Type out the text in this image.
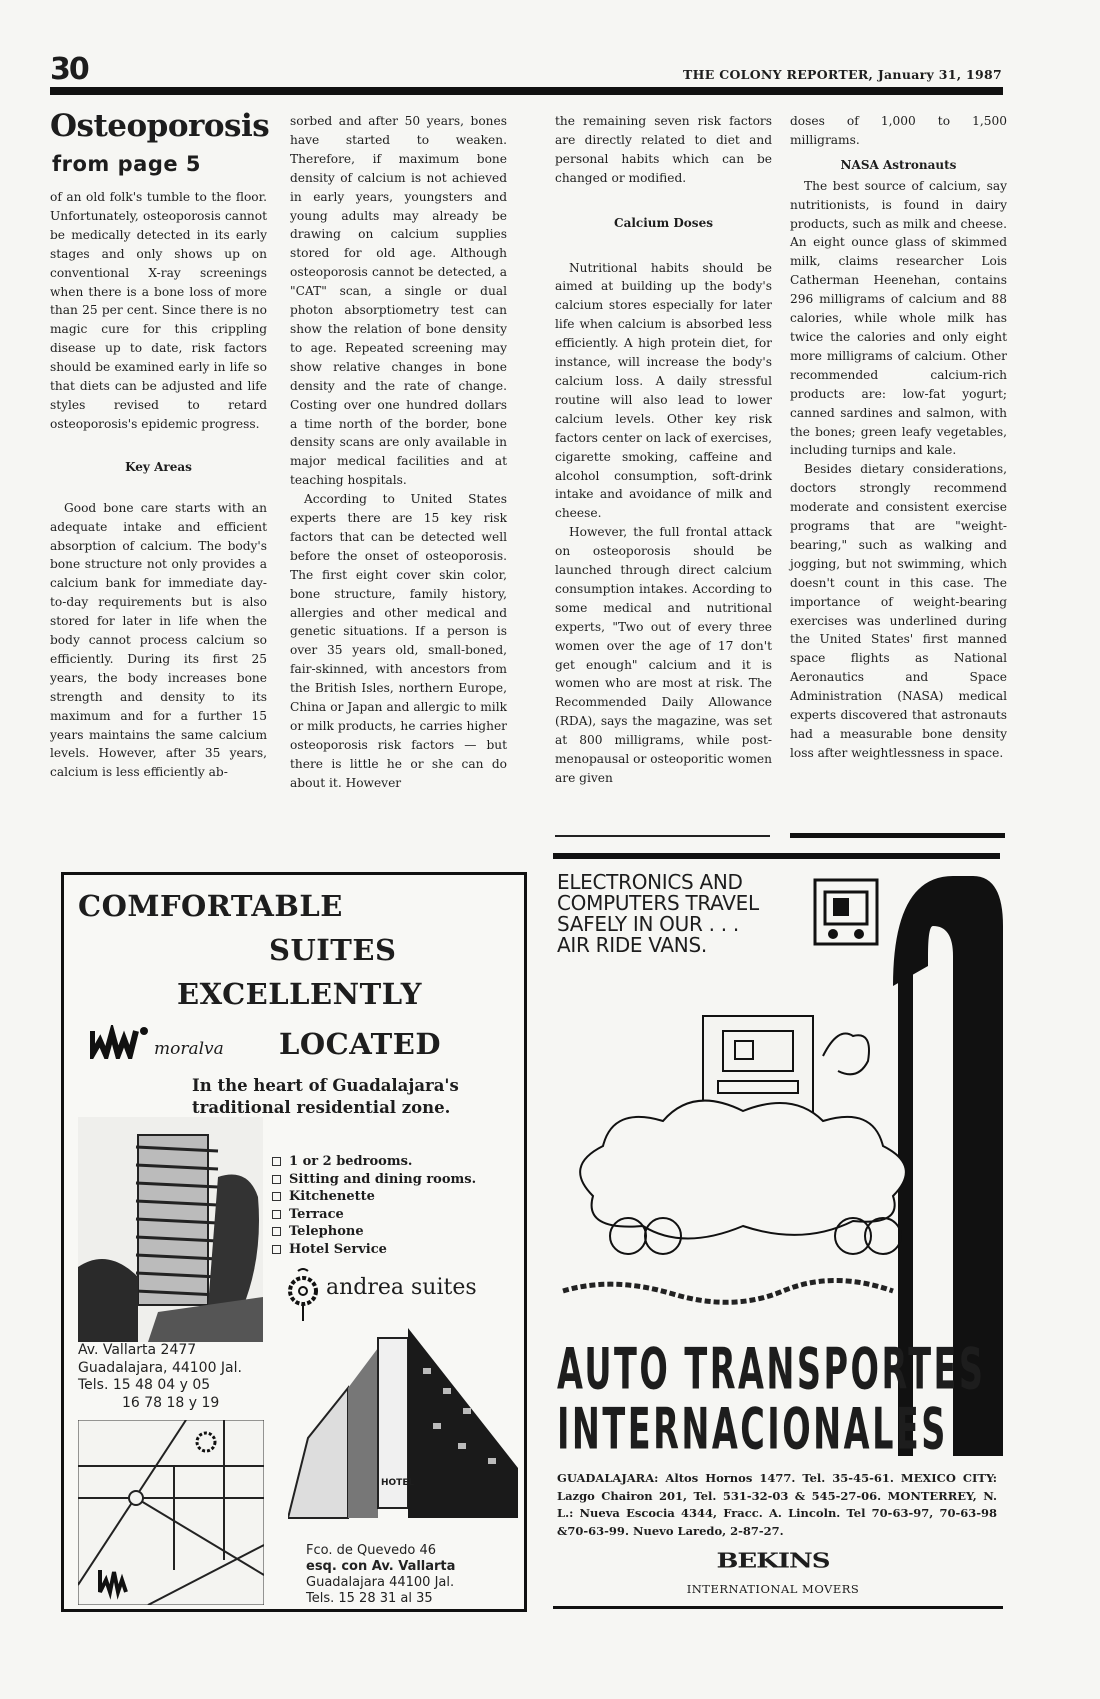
30	THE COLONY REPORTER, January 31, 1987
Osteoporosis
from page 5

of an old folk's tumble to the floor. Unfortunately, osteoporosis cannot be medically detected in its early stages and only shows up on conventional X-ray screenings when there is a bone loss of more than 25 per cent. Since there is no magic cure for this crippling disease up to date, risk factors should be examined early in life so that diets can be adjusted and life styles revised to retard osteoporosis's epidemic progress.

Key Areas

Good bone care starts with an adequate intake and efficient absorption of calcium. The body's bone structure not only provides a calcium bank for immediate day-to-day requirements but is also stored for later in life when the body cannot process calcium so efficiently. During its first 25 years, the body increases bone strength and density to its maximum and for a further 15 years maintains the same calcium levels. However, after 35 years, calcium is less efficiently ab-

sorbed and after 50 years, bones have started to weaken. Therefore, if maximum bone density of calcium is not achieved in early years, youngsters and young adults may already be drawing on calcium supplies stored for old age. Although osteoporosis cannot be detected, a "CAT" scan, a single or dual photon absorptiometry test can show the relation of bone density to age. Repeated screening may show relative changes in bone density and the rate of change. Costing over one hundred dollars a time north of the border, bone density scans are only available in major medical facilities and at teaching hospitals.

According to United States experts there are 15 key risk factors that can be detected well before the onset of osteoporosis. The first eight cover skin color, bone structure, family history, allergies and other medical and genetic situations. If a person is over 35 years old, small-boned, fair-skinned, with ancestors from the British Isles, northern Europe, China or Japan and allergic to milk or milk products, he carries higher osteoporosis risk factors — but there is little he or she can do about it. However

the remaining seven risk factors are directly related to diet and personal habits which can be changed or modified.

Calcium Doses

Nutritional habits should be aimed at building up the body's calcium stores especially for later life when calcium is absorbed less efficiently. A high protein diet, for instance, will increase the body's calcium loss. A daily stressful routine will also lead to lower calcium levels. Other key risk factors center on lack of exercises, cigarette smoking, caffeine and alcohol consumption, soft-drink intake and avoidance of milk and cheese.

However, the full frontal attack on osteoporosis should be launched through direct calcium consumption intakes. According to some medical and nutritional experts, "Two out of every three women over the age of 17 don't get enough" calcium and it is women who are most at risk. The Recommended Daily Allowance (RDA), says the magazine, was set at 800 milligrams, while post-menopausal or osteoporitic women are given

doses of 1,000 to 1,500 milligrams.

NASA Astronauts

The best source of calcium, say nutritionists, is found in dairy products, such as milk and cheese. An eight ounce glass of skimmed milk, claims researcher Lois Catherman Heenehan, contains 296 milligrams of calcium and 88 calories, while whole milk has twice the calories and only eight more milligrams of calcium. Other recommended calcium-rich products are: low-fat yogurt; canned sardines and salmon, with the bones; green leafy vegetables, including turnips and kale.

Besides dietary considerations, doctors strongly recommend moderate and consistent exercise programs that are "weight-bearing," such as walking and jogging, but not swimming, which doesn't count in this case. The importance of weight-bearing exercises was underlined during the United States' first manned space flights as National Aeronautics and Space Administration (NASA) medical experts discovered that astronauts had a measurable bone density loss after weightlessness in space.

COMFORTABLE
SUITES
EXCELLENTLY
moralva LOCATED
In the heart of Guadalajara's
traditional residential zone.
1 or 2 bedrooms.
Sitting and dining rooms.
Kitchenette
Terrace
Telephone
Hotel Service
andrea suites
Av. Vallarta 2477
Guadalajara, 44100 Jal.
Tels. 15 48 04 y 05
16 78 18 y 19
HOTEL
Fco. de Quevedo 46
esq. con Av. Vallarta
Guadalajara 44100 Jal.
Tels. 15 28 31 al 35
ELECTRONICS AND
COMPUTERS TRAVEL
SAFELY IN OUR . . .
AIR RIDE VANS.
AUTO TRANSPORTES
INTERNACIONALES
GUADALAJARA: Altos Hornos 1477. Tel. 35-45-61. MEXICO CITY: Lazgo Chairon 201, Tel. 531-32-03 & 545-27-06. MONTERREY, N. L.: Nueva Escocia 4344, Fracc. A. Lincoln. Tel 70-63-97, 70-63-98 &70-63-99. Nuevo Laredo, 2-87-27.
BEKINS
INTERNATIONAL MOVERS
